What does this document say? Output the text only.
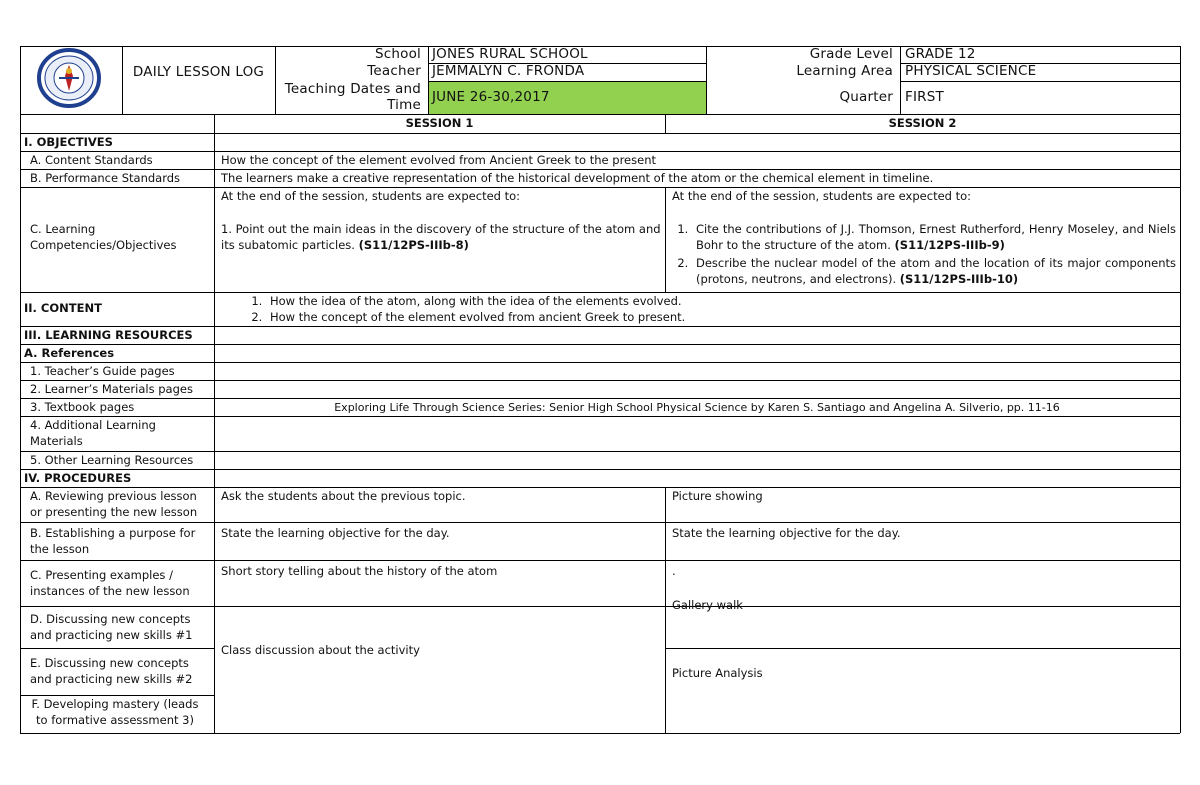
DAILY LESSON LOG
School JONES RURAL SCHOOL
Teacher JEMMALYN C. FRONDA
Teaching Dates and Time JUNE 26-30,2017
Grade Level GRADE 12
Learning Area PHYSICAL SCIENCE
Quarter FIRST
SESSION 1	SESSION 2
I. OBJECTIVES
A. Content Standards	How the concept of the element evolved from Ancient Greek to the present
B. Performance Standards	The learners make a creative representation of the historical development of the atom or the chemical element in timeline.
C. Learning Competencies/Objectives
At the end of the session, students are expected to:
1. Point out the main ideas in the discovery of the structure of the atom and its subatomic particles. (S11/12PS-IIIb-8)
At the end of the session, students are expected to:
1. Cite the contributions of J.J. Thomson, Ernest Rutherford, Henry Moseley, and Niels Bohr to the structure of the atom. (S11/12PS-IIIb-9)
2. Describe the nuclear model of the atom and the location of its major components (protons, neutrons, and electrons). (S11/12PS-IIIb-10)
II. CONTENT
1.	How the idea of the atom, along with the idea of the elements evolved.
2. How the concept of the element evolved from ancient Greek to present.
III. LEARNING RESOURCES
A. References
1. Teacher’s Guide pages
2. Learner’s Materials pages
3. Textbook pages	Exploring Life Through Science Series: Senior High School Physical Science by Karen S. Santiago and Angelina A. Silverio, pp. 11-16
4. Additional Learning Materials
5. Other Learning Resources
IV. PROCEDURES
A. Reviewing previous lesson or presenting the new lesson
Ask the students about the previous topic.	Picture showing
B. Establishing a purpose for the lesson
State the learning objective for the day.	State the learning objective for the day.
C. Presenting examples / instances of the new lesson
Short story telling about the history of the atom	.
Gallery walk
D. Discussing new concepts and practicing new skills #1
Class discussion about the activity
E. Discussing new concepts and practicing new skills #2	Picture Analysis
F. Developing mastery (leads to formative assessment 3)
